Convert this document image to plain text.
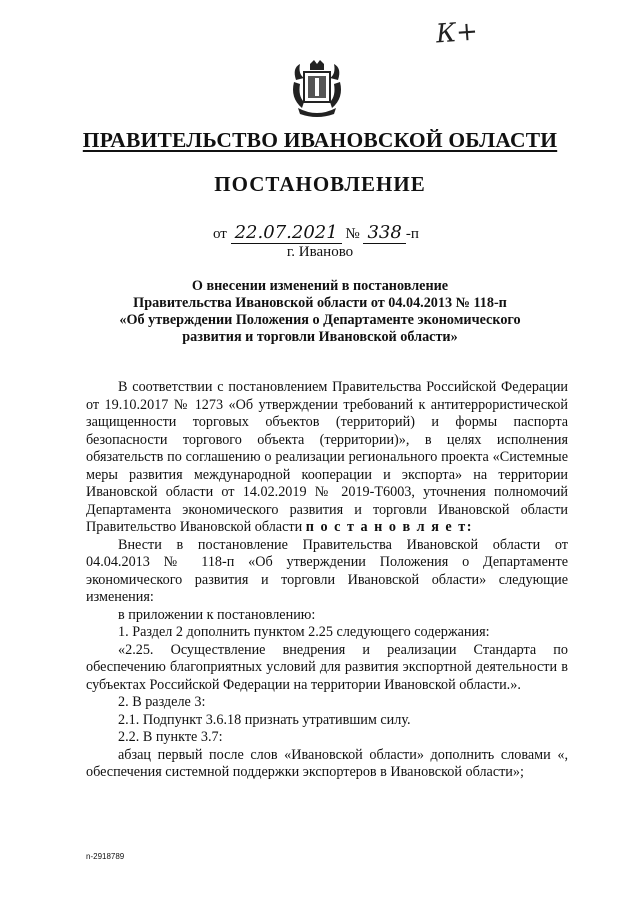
К+
ПРАВИТЕЛЬСТВО ИВАНОВСКОЙ ОБЛАСТИ
ПОСТАНОВЛЕНИЕ
от 22.07.2021 № 338 -п
г. Иваново
О внесении изменений в постановление
Правительства Ивановской области от 04.04.2013 № 118-п
«Об утверждении Положения о Департаменте экономического
развития и торговли Ивановской области»

В соответствии с постановлением Правительства Российской Федерации от 19.10.2017 № 1273 «Об утверждении требований к антитеррористической защищенности торговых объектов (территорий) и формы паспорта безопасности торгового объекта (территории)», в целях исполнения обязательств по соглашению о реализации регионального проекта «Системные меры развития международной кооперации и экспорта» на территории Ивановской области от 14.02.2019 № 2019-Т6003, уточнения полномочий Департамента экономического развития и торговли Ивановской области Правительство Ивановской области п о с т а н о в л я е т:

Внести в постановление Правительства Ивановской области от 04.04.2013 № 118-п «Об утверждении Положения о Департаменте экономического развития и торговли Ивановской области» следующие изменения:

в приложении к постановлению:

1. Раздел 2 дополнить пунктом 2.25 следующего содержания:

«2.25. Осуществление внедрения и реализации Стандарта по обеспечению благоприятных условий для развития экспортной деятельности в субъектах Российской Федерации на территории Ивановской области.».

2. В разделе 3:

2.1. Подпункт 3.6.18 признать утратившим силу.

2.2. В пункте 3.7:

абзац первый после слов «Ивановской области» дополнить словами «, обеспечения системной поддержки экспортеров в Ивановской области»;

n-2918789
